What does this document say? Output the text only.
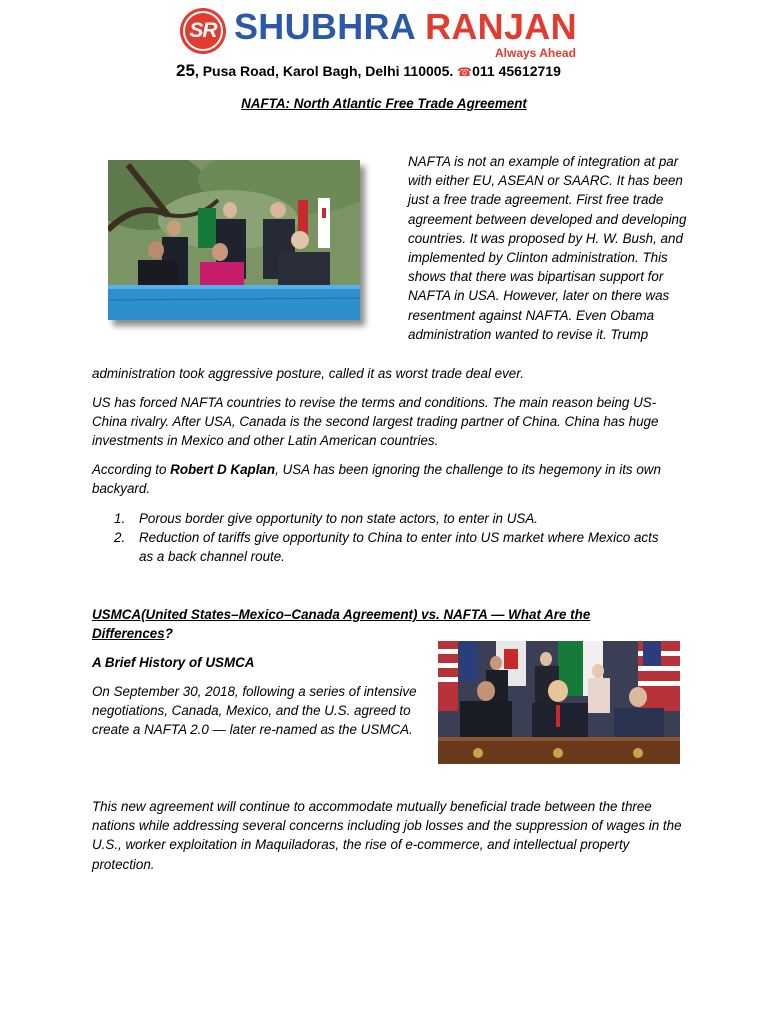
SR SHUBHRA RANJAN
Always Ahead
25, Pusa Road, Karol Bagh, Delhi 110005. ☎011 45612719
NAFTA: North Atlantic Free Trade Agreement

NAFTA is not an example of integration at par with either EU, ASEAN or SAARC. It has been just a free trade agreement. First free trade agreement between developed and developing countries. It was proposed by H. W. Bush, and implemented by Clinton administration. This shows that there was bipartisan support for NAFTA in USA. However, later on there was resentment against NAFTA. Even Obama administration wanted to revise it. Trump

administration took aggressive posture, called it as worst trade deal ever.

US has forced NAFTA countries to revise the terms and conditions. The main reason being US-China rivalry. After USA, Canada is the second largest trading partner of China. China has huge investments in Mexico and other Latin American countries.

According to Robert D Kaplan, USA has been ignoring the challenge to its hegemony in its own backyard.

1. Porous border give opportunity to non state actors, to enter in USA.
2. Reduction of tariffs give opportunity to China to enter into US market where Mexico acts as a back channel route.

USMCA(United States–Mexico–Canada Agreement) vs. NAFTA — What Are the Differences?

A Brief History of USMCA

On September 30, 2018, following a series of intensive negotiations, Canada, Mexico, and the U.S. agreed to create a NAFTA 2.0 — later re-named as the USMCA.

This new agreement will continue to accommodate mutually beneficial trade between the three nations while addressing several concerns including job losses and the suppression of wages in the U.S., worker exploitation in Maquiladoras, the rise of e-commerce, and intellectual property protection.
